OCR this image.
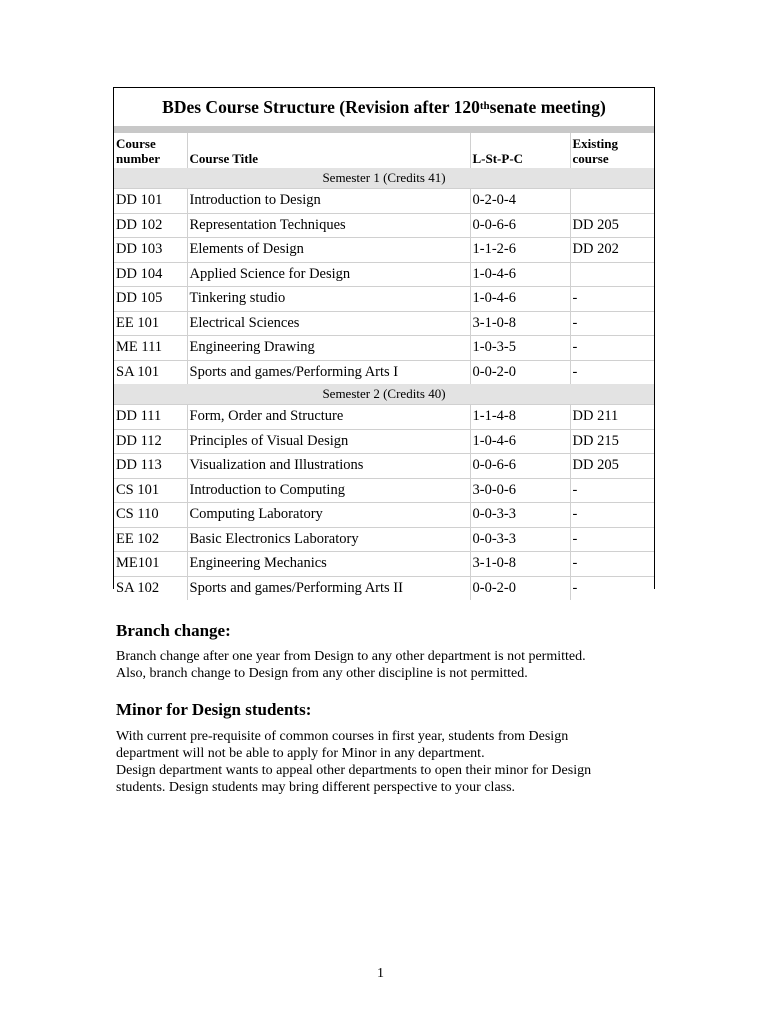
BDes Course Structure (Revision after 120th senate meeting)
Course number	Course Title	L-St-P-C	Existing course
Semester 1 (Credits 41)			
DD 101	Introduction to Design	0-2-0-4	
DD 102	Representation Techniques	0-0-6-6	DD 205
DD 103	Elements of Design	1-1-2-6	DD 202
DD 104	Applied Science for Design	1-0-4-6	
DD 105	Tinkering studio	1-0-4-6	-
EE 101	Electrical Sciences	3-1-0-8	-
ME 111	Engineering Drawing	1-0-3-5	-
SA 101	Sports and games/Performing Arts I	0-0-2-0	-
Semester 2 (Credits 40)			
DD 111	Form, Order and Structure	1-1-4-8	DD 211
DD 112	Principles of Visual Design	1-0-4-6	DD 215
DD 113	Visualization and Illustrations	0-0-6-6	DD 205
CS 101	Introduction to Computing	3-0-0-6	-
CS 110	Computing Laboratory	0-0-3-3	-
EE 102	Basic Electronics Laboratory	0-0-3-3	-
ME101	Engineering Mechanics	3-1-0-8	-
SA 102	Sports and games/Performing Arts II	0-0-2-0	-
Branch change:

Branch change after one year from Design to any other department is not permitted.

Also, branch change to Design from any other discipline is not permitted.

Minor for Design students:

With current pre-requisite of common courses in first year, students from Design

department will not be able to apply for Minor in any department.

Design department wants to appeal other departments to open their minor for Design

students. Design students may bring different perspective to your class.

1
